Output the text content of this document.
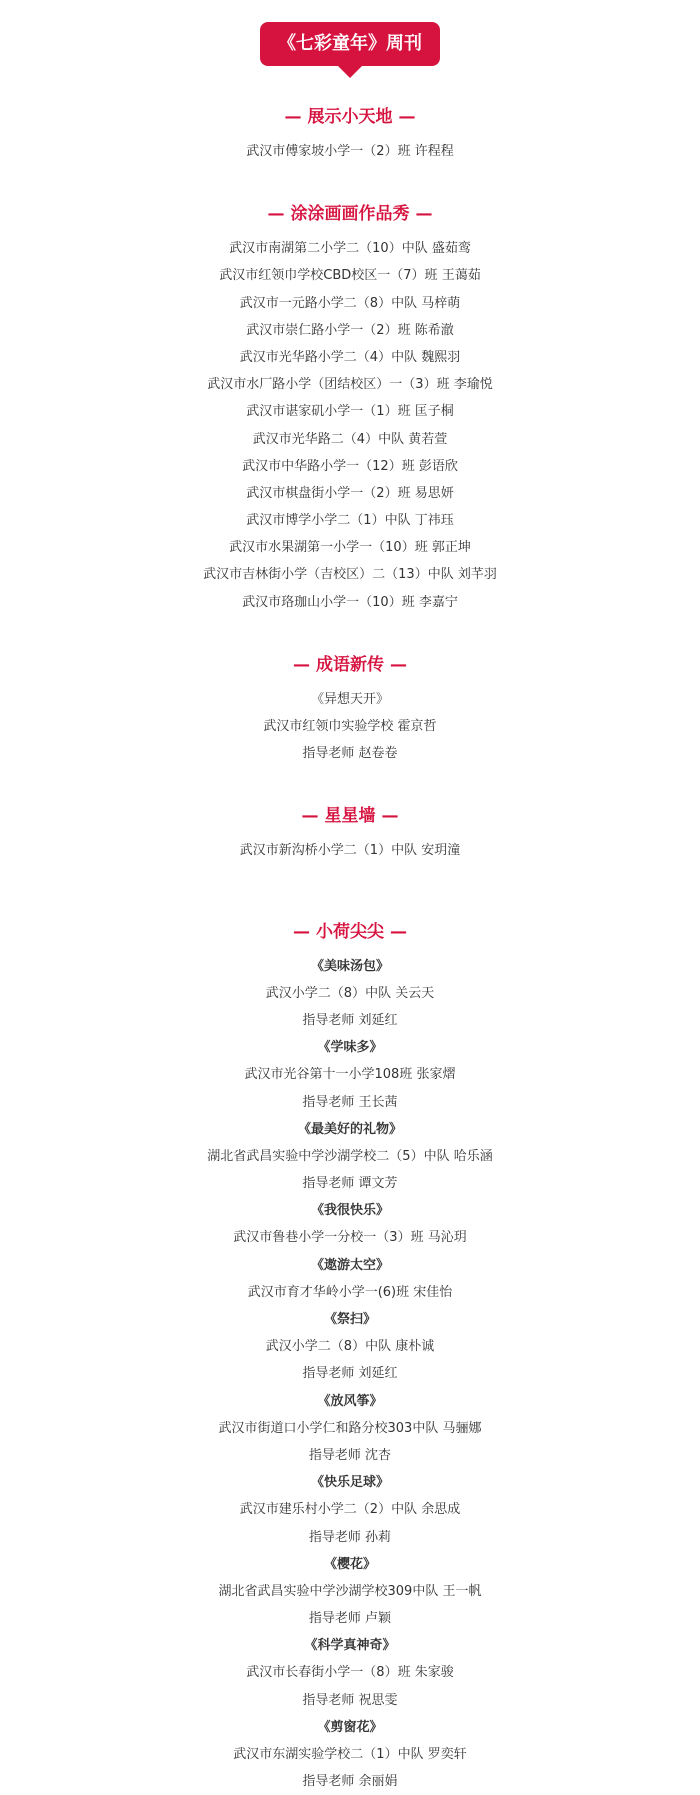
《七彩童年》周刊
— 展示小天地 —
武汉市傅家坡小学一（2）班 许程程
— 涂涂画画作品秀 —
武汉市南湖第二小学二（10）中队 盛茹鸾
武汉市红领巾学校CBD校区一（7）班 王蔼茹
武汉市一元路小学二（8）中队 马梓萌
武汉市崇仁路小学一（2）班 陈希澈
武汉市光华路小学二（4）中队 魏熙羽
武汉市水厂路小学（团结校区）一（3）班 李瑜悦
武汉市谌家矶小学一（1）班 匡子桐
武汉市光华路二（4）中队 黄若萱
武汉市中华路小学一（12）班 彭语欣
武汉市棋盘街小学一（2）班 易思妍
武汉市博学小学二（1）中队 丁祎珏
武汉市水果湖第一小学一（10）班 郭正坤
武汉市吉林街小学（吉校区）二（13）中队 刘芊羽
武汉市珞珈山小学一（10）班 李嘉宁
— 成语新传 —
《异想天开》
武汉市红领巾实验学校 霍京哲
指导老师 赵卷卷
— 星星墙 —
武汉市新沟桥小学二（1）中队 安玥潼
— 小荷尖尖 —
《美味汤包》
武汉小学二（8）中队 关云天
指导老师 刘延红
《学味多》
武汉市光谷第十一小学108班 张家熠
指导老师 王长茜
《最美好的礼物》
湖北省武昌实验中学沙湖学校二（5）中队 哈乐涵
指导老师 谭文芳
《我很快乐》
武汉市鲁巷小学一分校一（3）班 马沁玥
《遨游太空》
武汉市育才华岭小学一(6)班 宋佳怡
《祭扫》
武汉小学二（8）中队 康朴诚
指导老师 刘延红
《放风筝》
武汉市街道口小学仁和路分校303中队 马骊娜
指导老师 沈杏
《快乐足球》
武汉市建乐村小学二（2）中队 余思成
指导老师 孙莉
《樱花》
湖北省武昌实验中学沙湖学校309中队 王一帆
指导老师 卢颖
《科学真神奇》
武汉市长春街小学一（8）班 朱家骏
指导老师 祝思雯
《剪窗花》
武汉市东湖实验学校二（1）中队 罗奕轩
指导老师 余丽娟
